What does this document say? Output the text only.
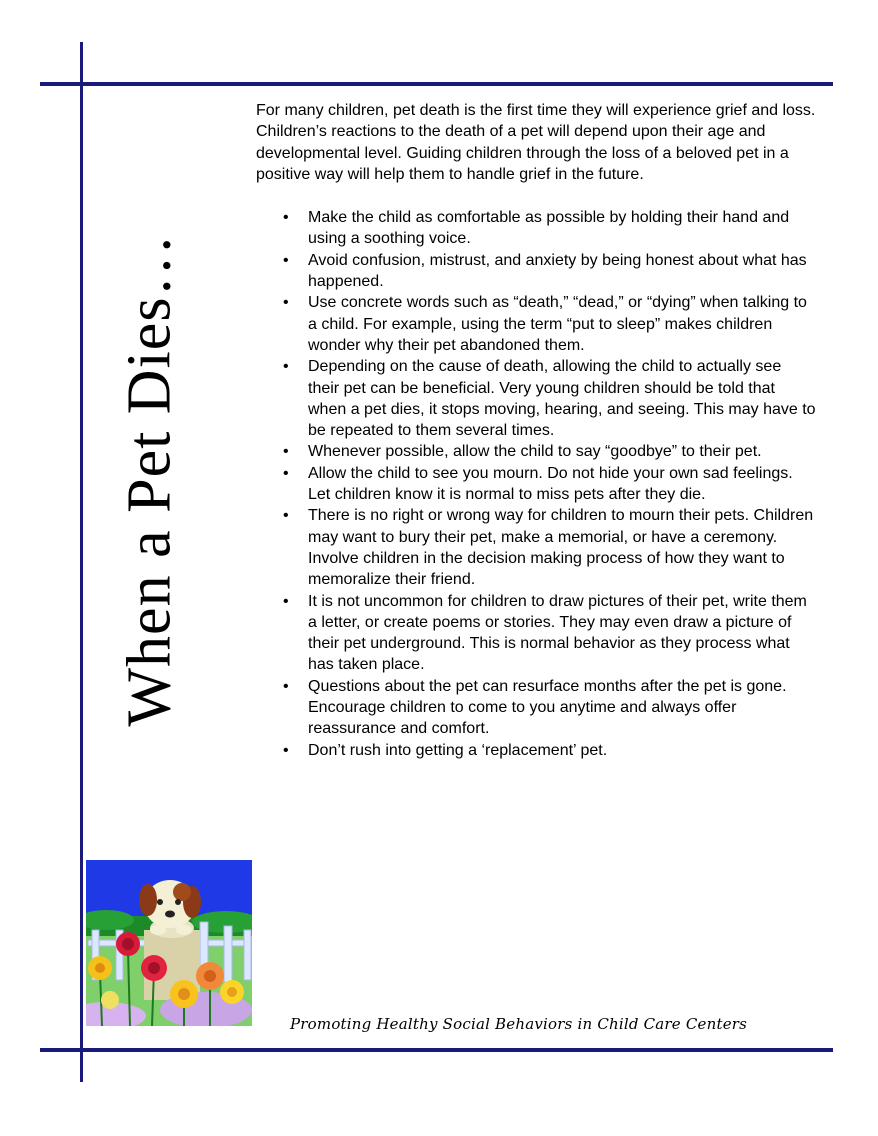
When a Pet Dies…

For many children, pet death is the first time they will experience grief and loss. Children’s reactions to the death of a pet will depend upon their age and developmental level. Guiding children through the loss of a beloved pet in a positive way will help them to handle grief in the future.

• Make the child as comfortable as possible by holding their hand and using a soothing voice.
• Avoid confusion, mistrust, and anxiety by being honest about what has happened.
• Use concrete words such as “death,” “dead,” or “dying” when talking to a child. For example, using the term “put to sleep” makes children wonder why their pet abandoned them.
• Depending on the cause of death, allowing the child to actually see their pet can be beneficial. Very young children should be told that when a pet dies, it stops moving, hearing, and seeing. This may have to be repeated to them several times.
• Whenever possible, allow the child to say “goodbye” to their pet.
• Allow the child to see you mourn. Do not hide your own sad feelings. Let children know it is normal to miss pets after they die.
• There is no right or wrong way for children to mourn their pets. Children may want to bury their pet, make a memorial, or have a ceremony. Involve children in the decision making process of how they want to memoralize their friend.
• It is not uncommon for children to draw pictures of their pet, write them a letter, or create poems or stories. They may even draw a picture of their pet underground. This is normal behavior as they process what has taken place.
• Questions about the pet can resurface months after the pet is gone. Encourage children to come to you anytime and always offer reassurance and comfort.
• Don’t rush into getting a ‘replacement’ pet.
Promoting Healthy Social Behaviors in Child Care Centers
